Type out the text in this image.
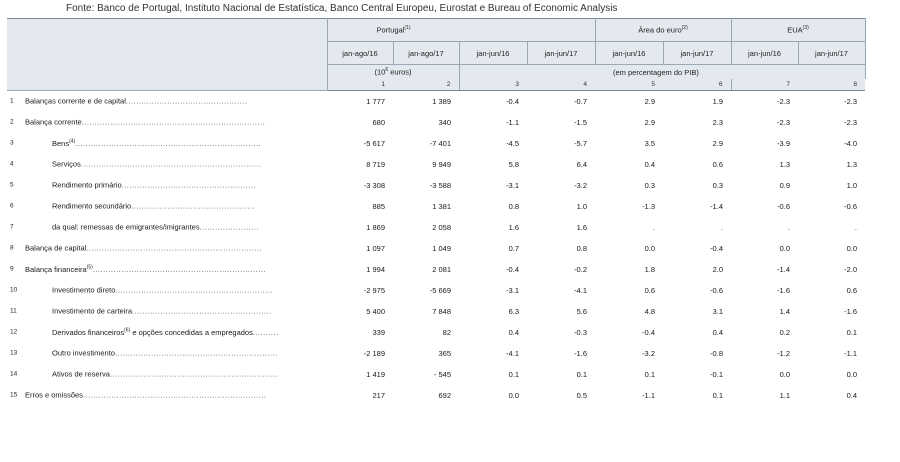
Fonte: Banco de Portugal, Instituto Nacional de Estatística, Banco Central Europeu, Eurostat e Bureau of Economic Analysis
	Portugal$^{(1)}$				Área do euro$^{(2)}$		EUA$^{(3)}$
	jan-ago/16	jan-ago/17	jan-jun/16	jan-jun/17	jan-jun/16	jan-jun/17	jan-jun/16	jan-jun/17
	($10^6$ euros)				(em percentagem do PIB)			
	1	2	3	4	5	6	7	8

1 Balanças corrente e de capital...............................................	1 777	1 389	-0.4	-0.7	2.9	1.9	-2.3	-2.3

2 Balança corrente.......................................................................	680	340	-1.1	-1.5	2.9	2.3	-2.3	-2.3

3 Bens$^{(4)}$........................................................................	-5 617	-7 401	-4.5	-5.7	3.5	2.9	-3.9	-4.0

4 Serviços......................................................................	8 719	9 949	5.8	6.4	0.4	0.6	1.3	1.3

5 Rendimento primário....................................................	-3 308	-3 588	-3.1	-3.2	0.3	0.3	0.9	1.0

6 Rendimento secundário................................................	885	1 381	0.8	1.0	-1.3	-1.4	-0.6	-0.6

7 da qual: remessas de emigrantes/imigrantes.......................	1 869	2 058	1.6	1.6	.	.	.	.

8 Balança de capital....................................................................	1 097	1 049	0.7	0.8	0.0	-0.4	0.0	0.0

9 Balança financeira$^{(5)}$...................................................................	1 994	2 081	-0.4	-0.2	1.8	2.0	-1.4	-2.0

10 Investimento direto.............................................................	-2 975	-5 669	-3.1	-4.1	0.6	-0.6	-1.6	0.6

11 Investimento de carteira......................................................	5 400	7 848	6.3	5.6	4.8	3.1	1.4	-1.6

12 Derivados financeiros$^{(6)}$ e opções concedidas a empregados..........	339	82	0.4	-0.3	-0.4	0.4	0.2	0.1

13 Outro investimento...............................................................	-2 189	365	-4.1	-1.6	-3.2	-0.8	-1.2	-1.1

14 Ativos de reserva.................................................................	1 419	- 545	0.1	0.1	0.1	-0.1	0.0	0.0

15 Erros e omissões.......................................................................	217	692	0.0	0.5	-1.1	0.1	1.1	0.4
